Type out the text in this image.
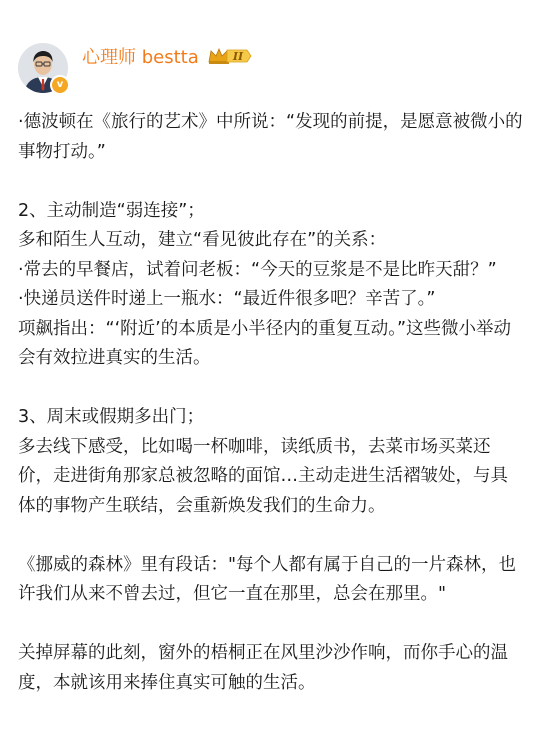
v
心理师 bestta	II

·德波顿在《旅行的艺术》中所说：“发现的前提，是愿意被微小的事物打动。”

2、主动制造“弱连接”；

多和陌生人互动，建立“看见彼此存在”的关系：

·常去的早餐店，试着问老板：“今天的豆浆是不是比昨天甜？”

·快递员送件时递上一瓶水：“最近件很多吧？辛苦了。”

项飙指出：“‘附近’的本质是小半径内的重复互动。”这些微小举动会有效拉进真实的生活。

3、周末或假期多出门；

多去线下感受，比如喝一杯咖啡，读纸质书，去菜市场买菜还价，走进街角那家总被忽略的面馆…主动走进生活褶皱处，与具体的事物产生联结，会重新焕发我们的生命力。

《挪威的森林》里有段话："每个人都有属于自己的一片森林，也许我们从来不曾去过，但它一直在那里，总会在那里。"

关掉屏幕的此刻，窗外的梧桐正在风里沙沙作响，而你手心的温度，本就该用来捧住真实可触的生活。
